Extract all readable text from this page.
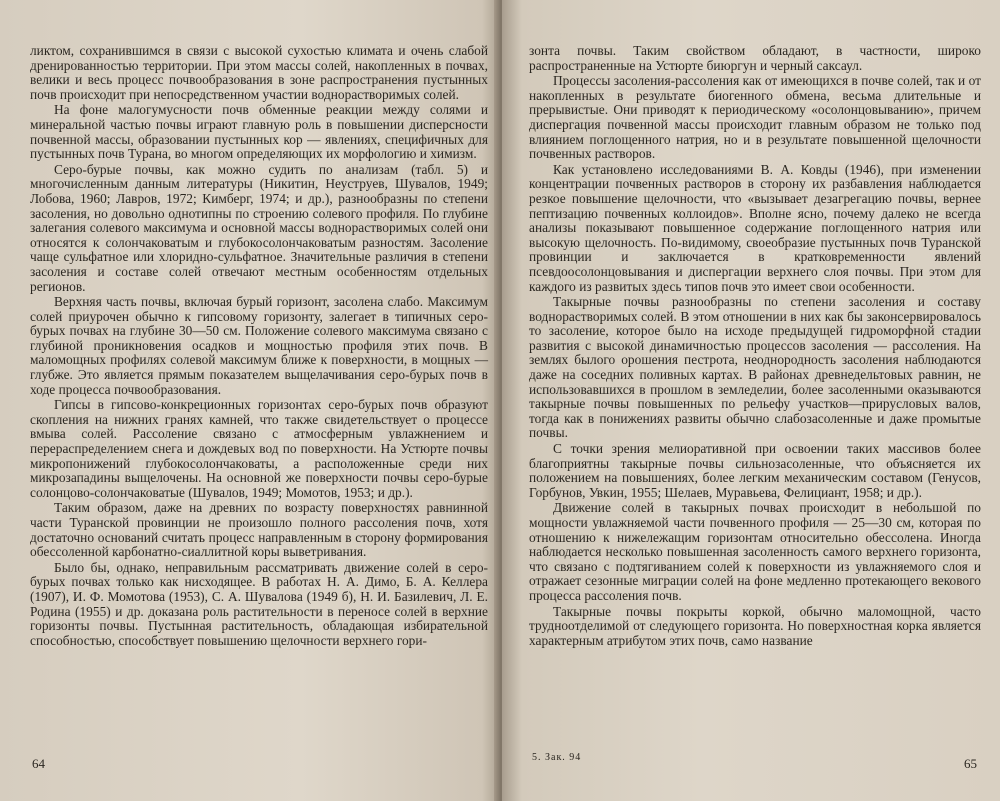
ликтом, сохранившимся в связи с высокой сухостью климата и очень слабой дренированностью территории. При этом массы солей, накопленных в почвах, велики и весь процесс почвообразования в зоне распространения пустынных почв происходит при непосредственном участии воднорастворимых солей.

На фоне малогумусности почв обменные реакции между солями и минеральной частью почвы играют главную роль в повышении дисперсности почвенной массы, образовании пустынных кор — явлениях, специфичных для пустынных почв Турана, во многом определяющих их морфологию и химизм.

Серо-бурые почвы, как можно судить по анализам (табл. 5) и многочисленным данным литературы (Никитин, Неуструев, Шувалов, 1949; Лобова, 1960; Лавров, 1972; Кимберг, 1974; и др.), разнообразны по степени засоления, но довольно однотипны по строению солевого профиля. По глубине залегания солевого максимума и основной массы воднорастворимых солей они относятся к солончаковатым и глубокосолончаковатым разностям. Засоление чаще сульфатное или хлоридно-сульфатное. Значительные различия в степени засоления и составе солей отвечают местным особенностям отдельных регионов.

Верхняя часть почвы, включая бурый горизонт, засолена слабо. Максимум солей приурочен обычно к гипсовому горизонту, залегает в типичных серо-бурых почвах на глубине 30—50 см. Положение солевого максимума связано с глубиной проникновения осадков и мощностью профиля этих почв. В маломощных профилях солевой максимум ближе к поверхности, в мощных — глубже. Это является прямым показателем выщелачивания серо-бурых почв в ходе процесса почвообразования.

Гипсы в гипсово-конкреционных горизонтах серо-бурых почв образуют скопления на нижних гранях камней, что также свидетельствует о процессе вмыва солей. Рассоление связано с атмосферным увлажнением и перераспределением снега и дождевых вод по поверхности. На Устюрте почвы микропонижений глубокосолончаковаты, а расположенные среди них микрозападины выщелочены. На основной же поверхности почвы серо-бурые солонцово-солончаковатые (Шувалов, 1949; Момотов, 1953; и др.).

Таким образом, даже на древних по возрасту поверхностях равнинной части Туранской провинции не произошло полного рассоления почв, хотя достаточно оснований считать процесс направленным в сторону формирования обессоленной карбонатно-сиаллитной коры выветривания.

Было бы, однако, неправильным рассматривать движение солей в серо-бурых почвах только как нисходящее. В работах Н. А. Димо, Б. А. Келлера (1907), И. Ф. Момотова (1953), С. А. Шувалова (1949 б), Н. И. Базилевич, Л. Е. Родина (1955) и др. доказана роль растительности в переносе солей в верхние горизонты почвы. Пустынная растительность, обладающая избирательной способностью, способствует повышению щелочности верхнего гори-

64

зонта почвы. Таким свойством обладают, в частности, широко распространенные на Устюрте биюргун и черный саксаул.

Процессы засоления-рассоления как от имеющихся в почве солей, так и от накопленных в результате биогенного обмена, весьма длительные и прерывистые. Они приводят к периодическому «осолонцовыванию», причем диспергация почвенной массы происходит главным образом не только под влиянием поглощенного натрия, но и в результате повышенной щелочности почвенных растворов.

Как установлено исследованиями В. А. Ковды (1946), при изменении концентрации почвенных растворов в сторону их разбавления наблюдается резкое повышение щелочности, что «вызывает дезагрегацию почвы, вернее пептизацию почвенных коллоидов». Вполне ясно, почему далеко не всегда анализы показывают повышенное содержание поглощенного натрия или высокую щелочность. По-видимому, своеобразие пустынных почв Туранской провинции и заключается в кратковременности явлений псевдоосолонцовывания и диспергации верхнего слоя почвы. При этом для каждого из развитых здесь типов почв это имеет свои особенности.

Такырные почвы разнообразны по степени засоления и составу воднорастворимых солей. В этом отношении в них как бы законсервировалось то засоление, которое было на исходе предыдущей гидроморфной стадии развития с высокой динамичностью процессов засоления — рассоления. На землях былого орошения пестрота, неоднородность засоления наблюдаются даже на соседних поливных картах. В районах древнедельтовых равнин, не использовавшихся в прошлом в земледелии, более засоленными оказываются такырные почвы повышенных по рельефу участков—прирусловых валов, тогда как в понижениях развиты обычно слабозасоленные и даже промытые почвы.

С точки зрения мелиоративной при освоении таких массивов более благоприятны такырные почвы сильнозасоленные, что объясняется их положением на повышениях, более легким механическим составом (Генусов, Горбунов, Увкин, 1955; Шелаев, Муравьева, Фелициант, 1958; и др.).

Движение солей в такырных почвах происходит в небольшой по мощности увлажняемой части почвенного профиля — 25—30 см, которая по отношению к нижележащим горизонтам относительно обессолена. Иногда наблюдается несколько повышенная засоленность самого верхнего горизонта, что связано с подтягиванием солей к поверхности из увлажняемого слоя и отражает сезонные миграции солей на фоне медленно протекающего векового процесса рассоления почв.

Такырные почвы покрыты коркой, обычно маломощной, часто трудноотделимой от следующего горизонта. Но поверхностная корка является характерным атрибутом этих почв, само название

5. Зак. 94	65
